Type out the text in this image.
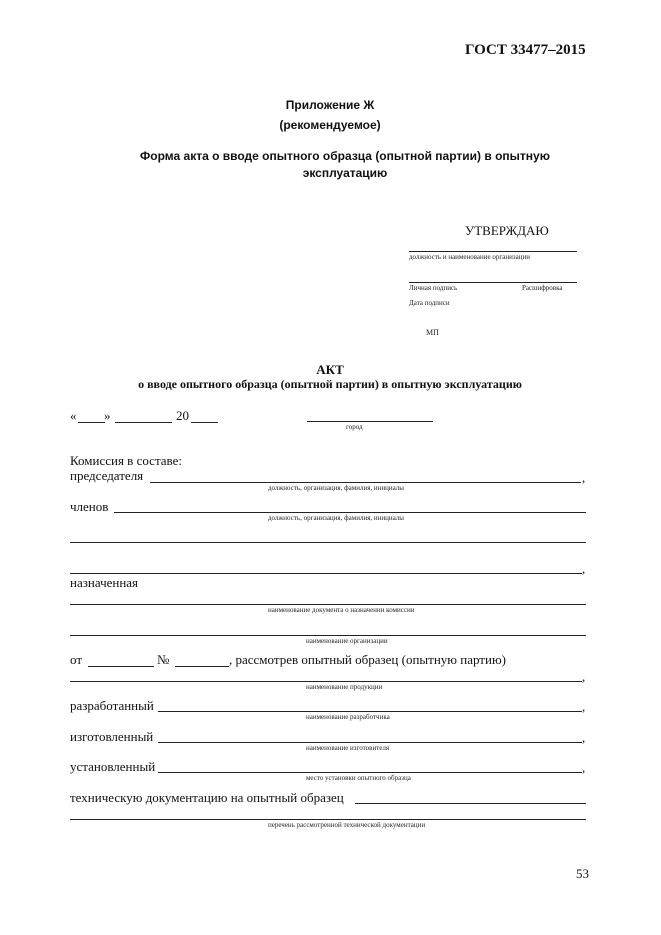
ГОСТ 33477–2015
Приложение Ж
(рекомендуемое)
Форма акта о вводе опытного образца (опытной партии) в опытную
эксплуатацию
УТВЕРЖДАЮ
должность и наименование организации
Личная подпись	Расшифровка
Дата подписи
МП
АКТ
о вводе опытного образца (опытной партии) в опытную эксплуатацию
« »	20
город
Комиссия в составе:
председателя	,
должность, организация, фамилия, инициалы
членов
должность, организация, фамилия, инициалы
,
назначенная
наименование документа о назначении комиссии
наименование организации
от	№	, рассмотрев опытный образец (опытную партию)
,
наименование продукции
разработанный	,
наименование разработчика
изготовленный	,
наименование изготовителя
установленный	,
место установки опытного образца
техническую документацию на опытный образец
перечень рассмотренной технической документации
53
